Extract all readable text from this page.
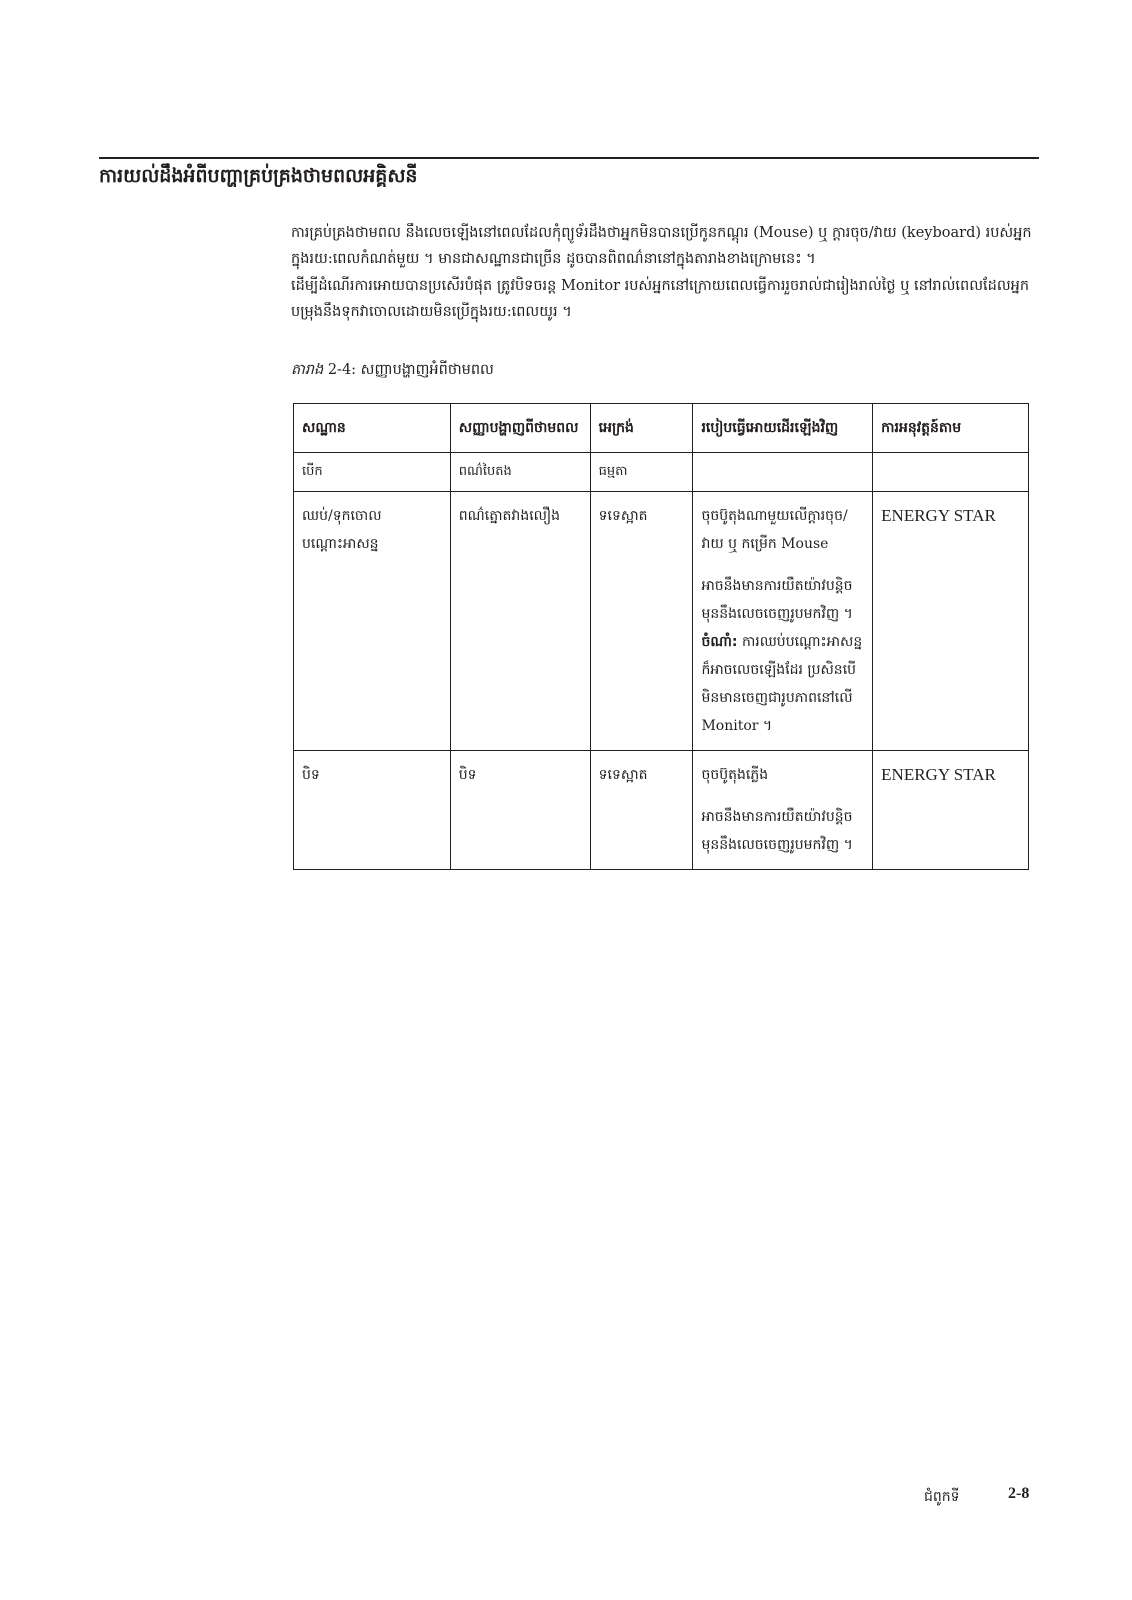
ការយល់ដឹងអំពីបញ្ហាគ្រប់គ្រងថាមពលអគ្គិសនី
ការគ្រប់គ្រងថាមពល នឹងលេចឡើងនៅពេលដែលកុំព្យូទ័រដឹងថាអ្នកមិនបានប្រើកូនកណ្ដុរ (Mouse) ឬ ក្ដារចុច/វាយ (keyboard) របស់អ្នក ក្នុងរយ:ពេលកំណត់មួយ ។ មានជាសណ្ឋានជាច្រើន ដូចបានពិពណ៌នានៅក្នុងតារាងខាងក្រោមនេះ ។
ដើម្បីដំណើរការអោយបានប្រសើរបំផុត ត្រូវបិទចរន្ត Monitor របស់អ្នកនៅក្រោយពេលធ្វើការរួចរាល់ជារៀងរាល់ថ្ងៃ ឬ នៅរាល់ពេលដែលអ្នកបម្រុងនឹងទុកវាចោលដោយមិនប្រើក្នុងរយ:ពេលយូរ ។
តារាង 2-4: សញ្ញាបង្ហាញអំពីថាមពល
សណ្ឋាន	សញ្ញាបង្ហាញពីថាមពល	អេក្រង់	របៀបធ្វើអោយដើរឡើងវិញ	ការអនុវត្តន៍តាម
បើក	ពណ៌បៃតង	ធម្មតា		
ឈប់/ទុកចោលបណ្ដោះអាសន្ន	ពណ៌ត្នោតវាងលឿង	ទទេស្អាត	ចុចប៊ូតុងណាមួយលើក្ដារចុច/វាយ ឬ កម្រើក Mouse
អាចនឹងមានការយឺតយ៉ាវបន្តិចមុននឹងលេចចេញរូបមកវិញ ។
ចំណាំ: ការឈប់បណ្ដោះអាសន្នក៏អាចលេចឡើងដែរ ប្រសិនបើមិនមានចេញជារូបភាពនៅលើ Monitor ។	ENERGY STAR
បិទ	បិទ	ទទេស្អាត	ចុចប៊ូតុងភ្លើង
អាចនឹងមានការយឺតយ៉ាវបន្តិចមុននឹងលេចចេញរូបមកវិញ ។	ENERGY STAR
ជំពូកទី	2-8
